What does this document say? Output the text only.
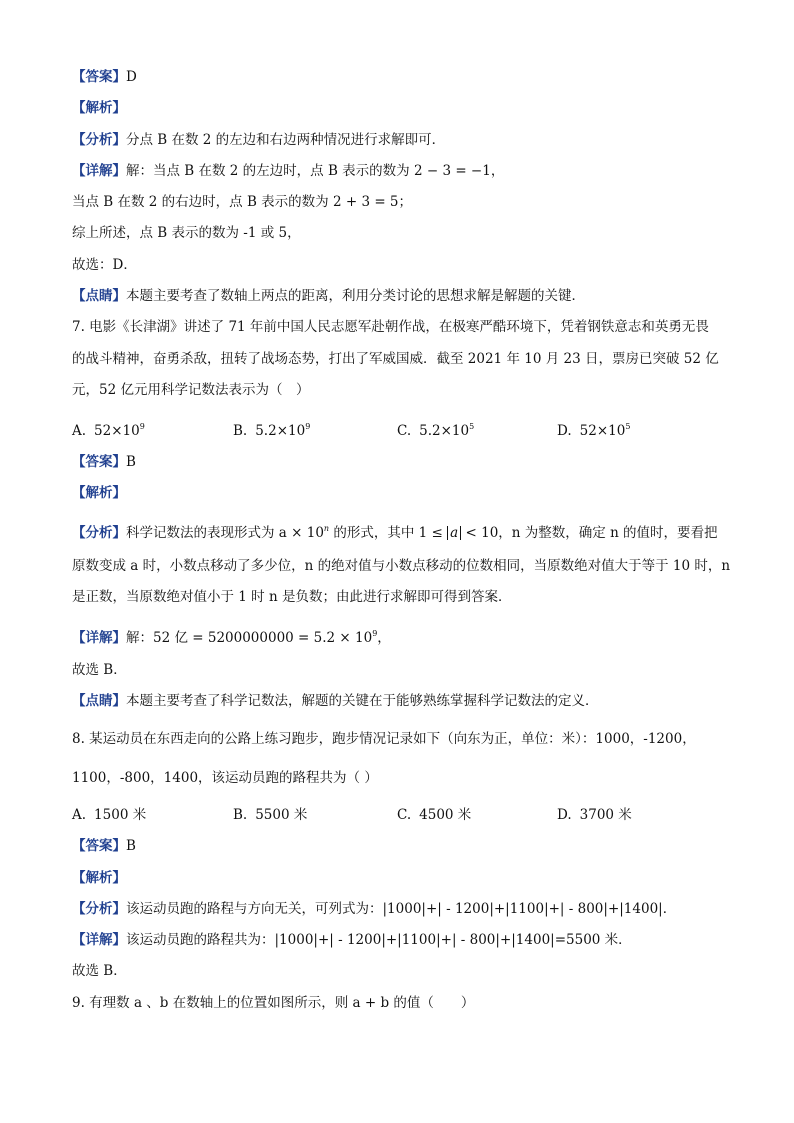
【答案】D
【解析】
【分析】分点 B 在数 2 的左边和右边两种情况进行求解即可．
【详解】解：当点 B 在数 2 的左边时，点 B 表示的数为 2 − 3 = −1，
当点 B 在数 2 的右边时，点 B 表示的数为 2 + 3 = 5；
综上所述，点 B 表示的数为 -1 或 5，
故选：D．
【点睛】本题主要考查了数轴上两点的距离，利用分类讨论的思想求解是解题的关键．
7. 电影《长津湖》讲述了 71 年前中国人民志愿军赴朝作战，在极寒严酷环境下，凭着钢铁意志和英勇无畏
的战斗精神，奋勇杀敌，扭转了战场态势，打出了军威国威．截至 2021 年 10 月 23 日，票房已突破 52 亿
元，52 亿元用科学记数法表示为（　）
A. $52\times 10^9$	B. $5.2\times 10^9$	C. $5.2\times 10^5$	D. $52\times 10^5$
【答案】B
【解析】
【分析】科学记数法的表现形式为 $a \times 10^n$ 的形式，其中 1 ≤ a < 10，n 为整数，确定 n 的值时，要看把
原数变成 a 时，小数点移动了多少位，n 的绝对值与小数点移动的位数相同，当原数绝对值大于等于 10 时，n
是正数，当原数绝对值小于 1 时 n 是负数；由此进行求解即可得到答案．
【详解】解：52 亿 = $5200000000 = 5.2 \times 10^9$，
故选 B．
【点睛】本题主要考查了科学记数法，解题的关键在于能够熟练掌握科学记数法的定义．
8. 某运动员在东西走向的公路上练习跑步，跑步情况记录如下（向东为正，单位：米）：1000，-1200，
1100，-800，1400，该运动员跑的路程共为（ ）
A. 1500 米	B. 5500 米	C. 4500 米	D. 3700 米
【答案】B
【解析】
【分析】该运动员跑的路程与方向无关，可列式为：|1000|+| - 1200|+|1100|+| - 800|+|1400|．
【详解】该运动员跑的路程共为：|1000|+| - 1200|+|1100|+| - 800|+|1400|=5500 米．
故选 B．
9. 有理数 a 、b 在数轴上的位置如图所示，则 a + b 的值（　　）
